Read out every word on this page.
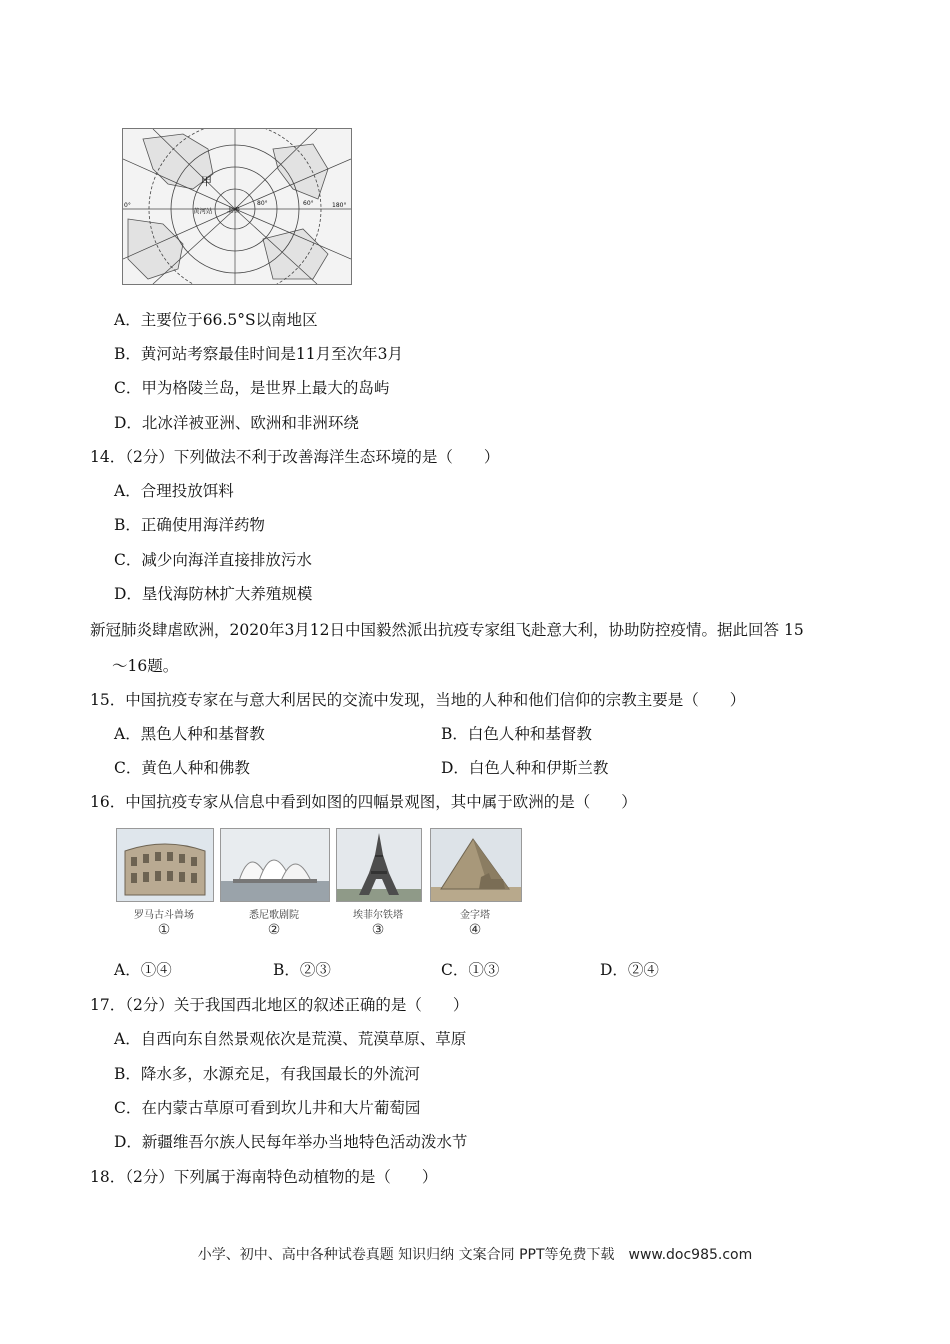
甲
黄河站 北极
80°	60°
0°	180°
A．主要位于66.5°S以南地区
B．黄河站考察最佳时间是11月至次年3月
C．甲为格陵兰岛，是世界上最大的岛屿
D．北冰洋被亚洲、欧洲和非洲环绕
14．（2分）下列做法不利于改善海洋生态环境的是（　　）
A．合理投放饵料
B．正确使用海洋药物
C．减少向海洋直接排放污水
D．垦伐海防林扩大养殖规模
新冠肺炎肆虐欧洲，2020年3月12日中国毅然派出抗疫专家组飞赴意大利，协助防控疫情。据此回答 15
～16题。
15．中国抗疫专家在与意大利居民的交流中发现，当地的人种和他们信仰的宗教主要是（　　）
A．黑色人种和基督教	B．白色人种和基督教
C．黄色人种和佛教	D．白色人种和伊斯兰教
16．中国抗疫专家从信息中看到如图的四幅景观图，其中属于欧洲的是（　　）
罗马古斗兽场
①
悉尼歌剧院
②
埃菲尔铁塔
③
金字塔
④
A．①④	B．②③	C．①③	D．②④
17．（2分）关于我国西北地区的叙述正确的是（　　）
A．自西向东自然景观依次是荒漠、荒漠草原、草原
B．降水多，水源充足，有我国最长的外流河
C．在内蒙古草原可看到坎儿井和大片葡萄园
D．新疆维吾尔族人民每年举办当地特色活动泼水节
18．（2分）下列属于海南特色动植物的是（　　）
小学、初中、高中各种试卷真题 知识归纳 文案合同 PPT等免费下载　www.doc985.com
